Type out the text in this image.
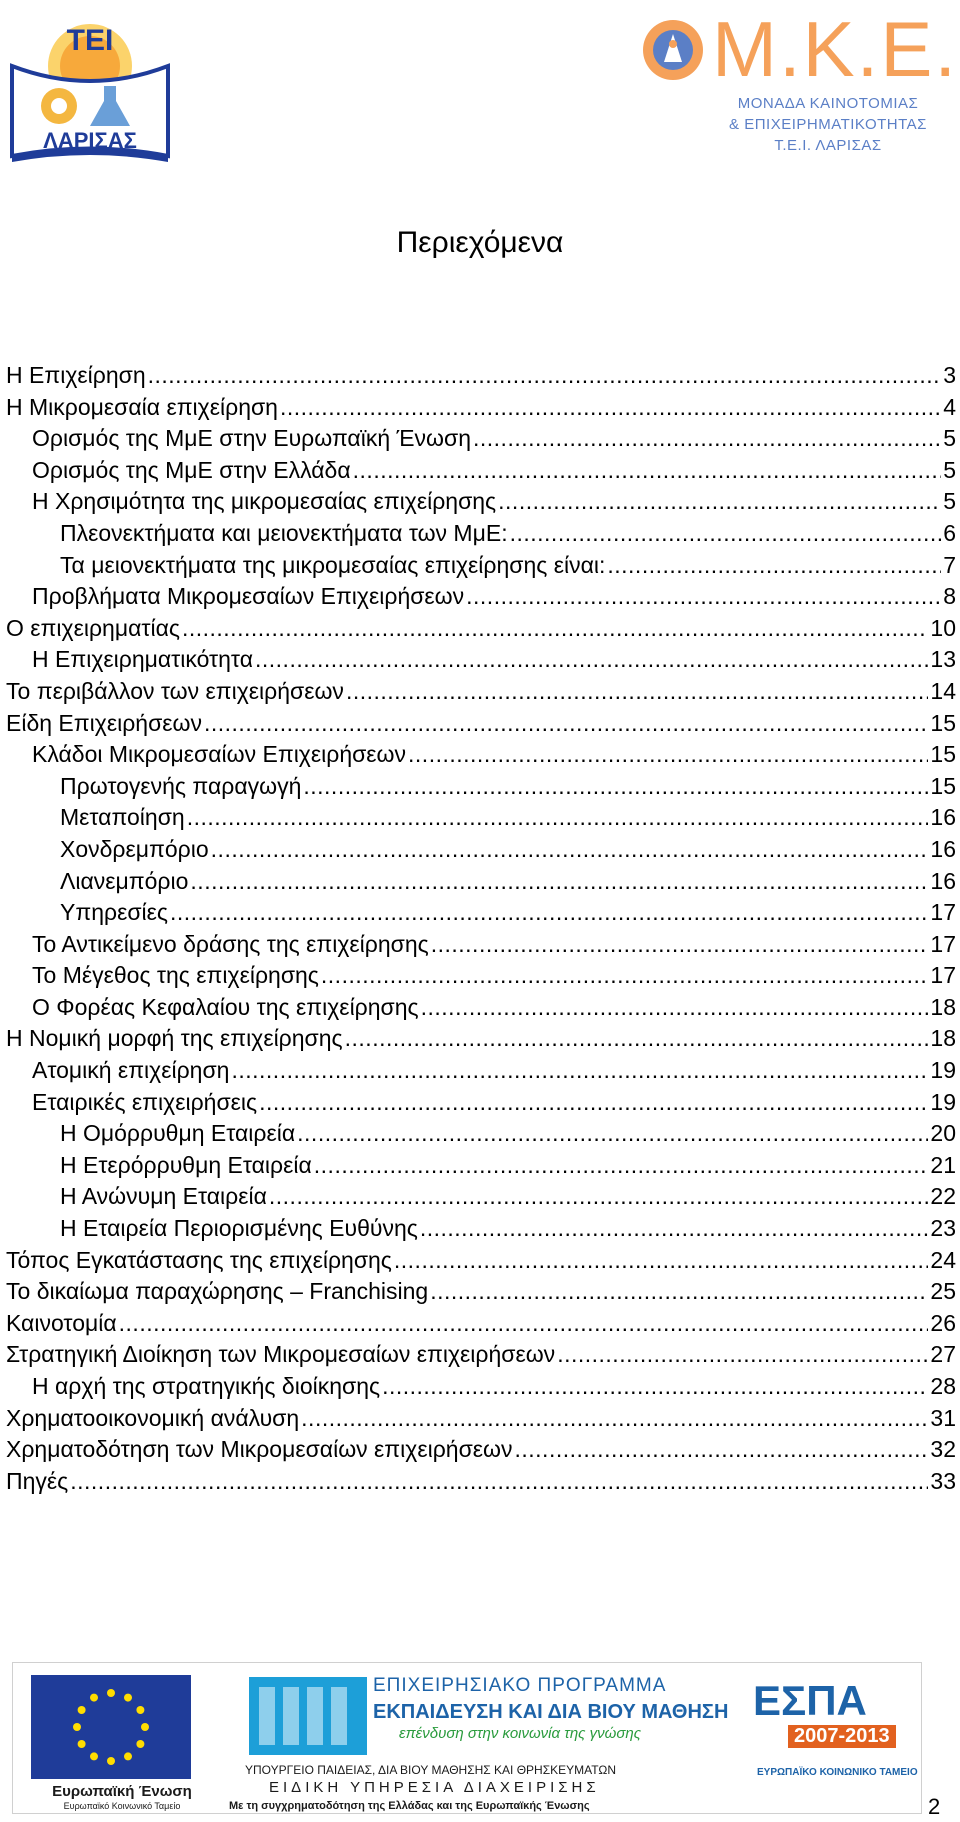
ΤΕΙ
ΛΑΡΙΣΑΣ
Μ.Κ.Ε.
ΜΟΝΑΔΑ ΚΑΙΝΟΤΟΜΙΑΣ
& ΕΠΙΧΕΙΡΗΜΑΤΙΚΟΤΗΤΑΣ
Τ.Ε.Ι. ΛΑΡΙΣΑΣ
Περιεχόμενα
Η Επιχείρηση .....	3
Η Μικρομεσαία επιχείρηση .....	4
Ορισμός της ΜμΕ στην Ευρωπαϊκή Ένωση .....	5
Ορισμός της ΜμΕ στην Ελλάδα .....	5
Η Χρησιμότητα της μικρομεσαίας επιχείρησης .....	5
Πλεονεκτήματα και μειονεκτήματα των ΜμΕ: .....	6
Τα μειονεκτήματα της μικρομεσαίας επιχείρησης είναι: .....	7
Προβλήματα Μικρομεσαίων Επιχειρήσεων .....	8
Ο επιχειρηματίας .....	10
Η Επιχειρηματικότητα .....	13
Το περιβάλλον των επιχειρήσεων .....	14
Είδη Επιχειρήσεων .....	15
Κλάδοι Μικρομεσαίων Επιχειρήσεων .....	15
Πρωτογενής παραγωγή .....	15
Μεταποίηση .....	16
Χονδρεμπόριο .....	16
Λιανεμπόριο .....	16
Υπηρεσίες .....	17
Το Αντικείμενο δράσης της επιχείρησης .....	17
Το Μέγεθος της επιχείρησης .....	17
Ο Φορέας Κεφαλαίου της επιχείρησης .....	18
Η Νομική μορφή της επιχείρησης .....	18
Ατομική επιχείρηση .....	19
Εταιρικές επιχειρήσεις .....	19
Η Ομόρρυθμη Εταιρεία .....	20
Η Ετερόρρυθμη Εταιρεία .....	21
Η Ανώνυμη Εταιρεία .....	22
Η Εταιρεία Περιορισμένης Ευθύνης .....	23
Τόπος Εγκατάστασης της επιχείρησης .....	24
Το δικαίωμα παραχώρησης – Franchising .....	25
Καινοτομία .....	26
Στρατηγική Διοίκηση των Μικρομεσαίων επιχειρήσεων .....	27
Η αρχή της στρατηγικής διοίκησης .....	28
Χρηματοοικονομική ανάλυση .....	31
Χρηματοδότηση των Μικρομεσαίων επιχειρήσεων .....	32
Πηγές .....	33
Ευρωπαϊκή Ένωση
Ευρωπαϊκό Κοινωνικό Ταμείο
ΕΠΙΧΕΙΡΗΣΙΑΚΟ ΠΡΟΓΡΑΜΜΑ
ΕΚΠΑΙΔΕΥΣΗ ΚΑΙ ΔΙΑ ΒΙΟΥ ΜΑΘΗΣΗ
επένδυση στην κοινωνία της γνώσης
ΥΠΟΥΡΓΕΙΟ ΠΑΙΔΕΙΑΣ, ΔΙΑ ΒΙΟΥ ΜΑΘΗΣΗΣ ΚΑΙ ΘΡΗΣΚΕΥΜΑΤΩΝ
ΕΙΔΙΚΗ ΥΠΗΡΕΣΙΑ ΔΙΑΧΕΙΡΙΣΗΣ
Με τη συγχρηματοδότηση της Ελλάδας και της Ευρωπαϊκής Ένωσης
ΕΣΠΑ
2007-2013
ΕΥΡΩΠΑΪΚΟ ΚΟΙΝΩΝΙΚΟ ΤΑΜΕΙΟ
2
